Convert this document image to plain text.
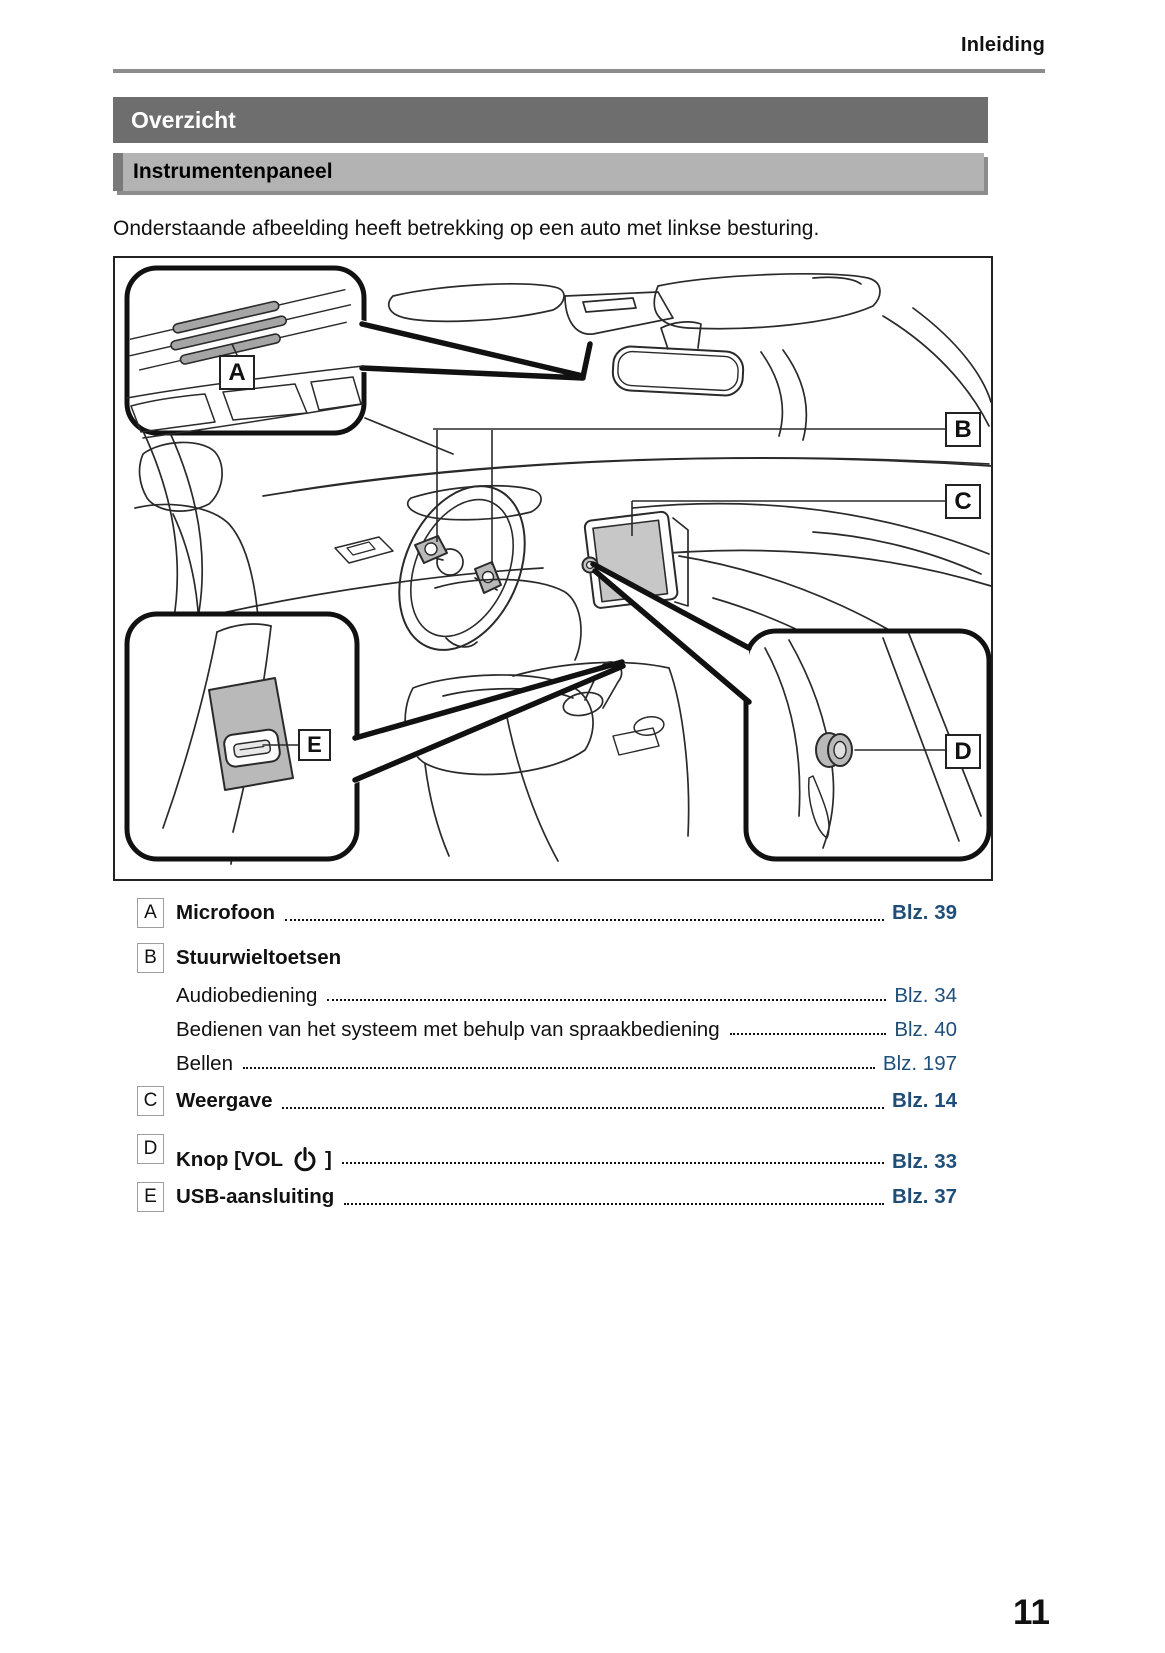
Inleiding
Overzicht
Instrumentenpaneel

Onderstaande afbeelding heeft betrekking op een auto met linkse besturing.

A
B
C
D
E
A Microfoon	Blz. 39
B Stuurwieltoetsen
Audiobediening	Blz. 34
Bedienen van het systeem met behulp van spraakbediening	Blz. 40
Bellen	Blz. 197
C Weergave	Blz. 14
D Knop [VOL ]	Blz. 33
E USB-aansluiting	Blz. 37
11
